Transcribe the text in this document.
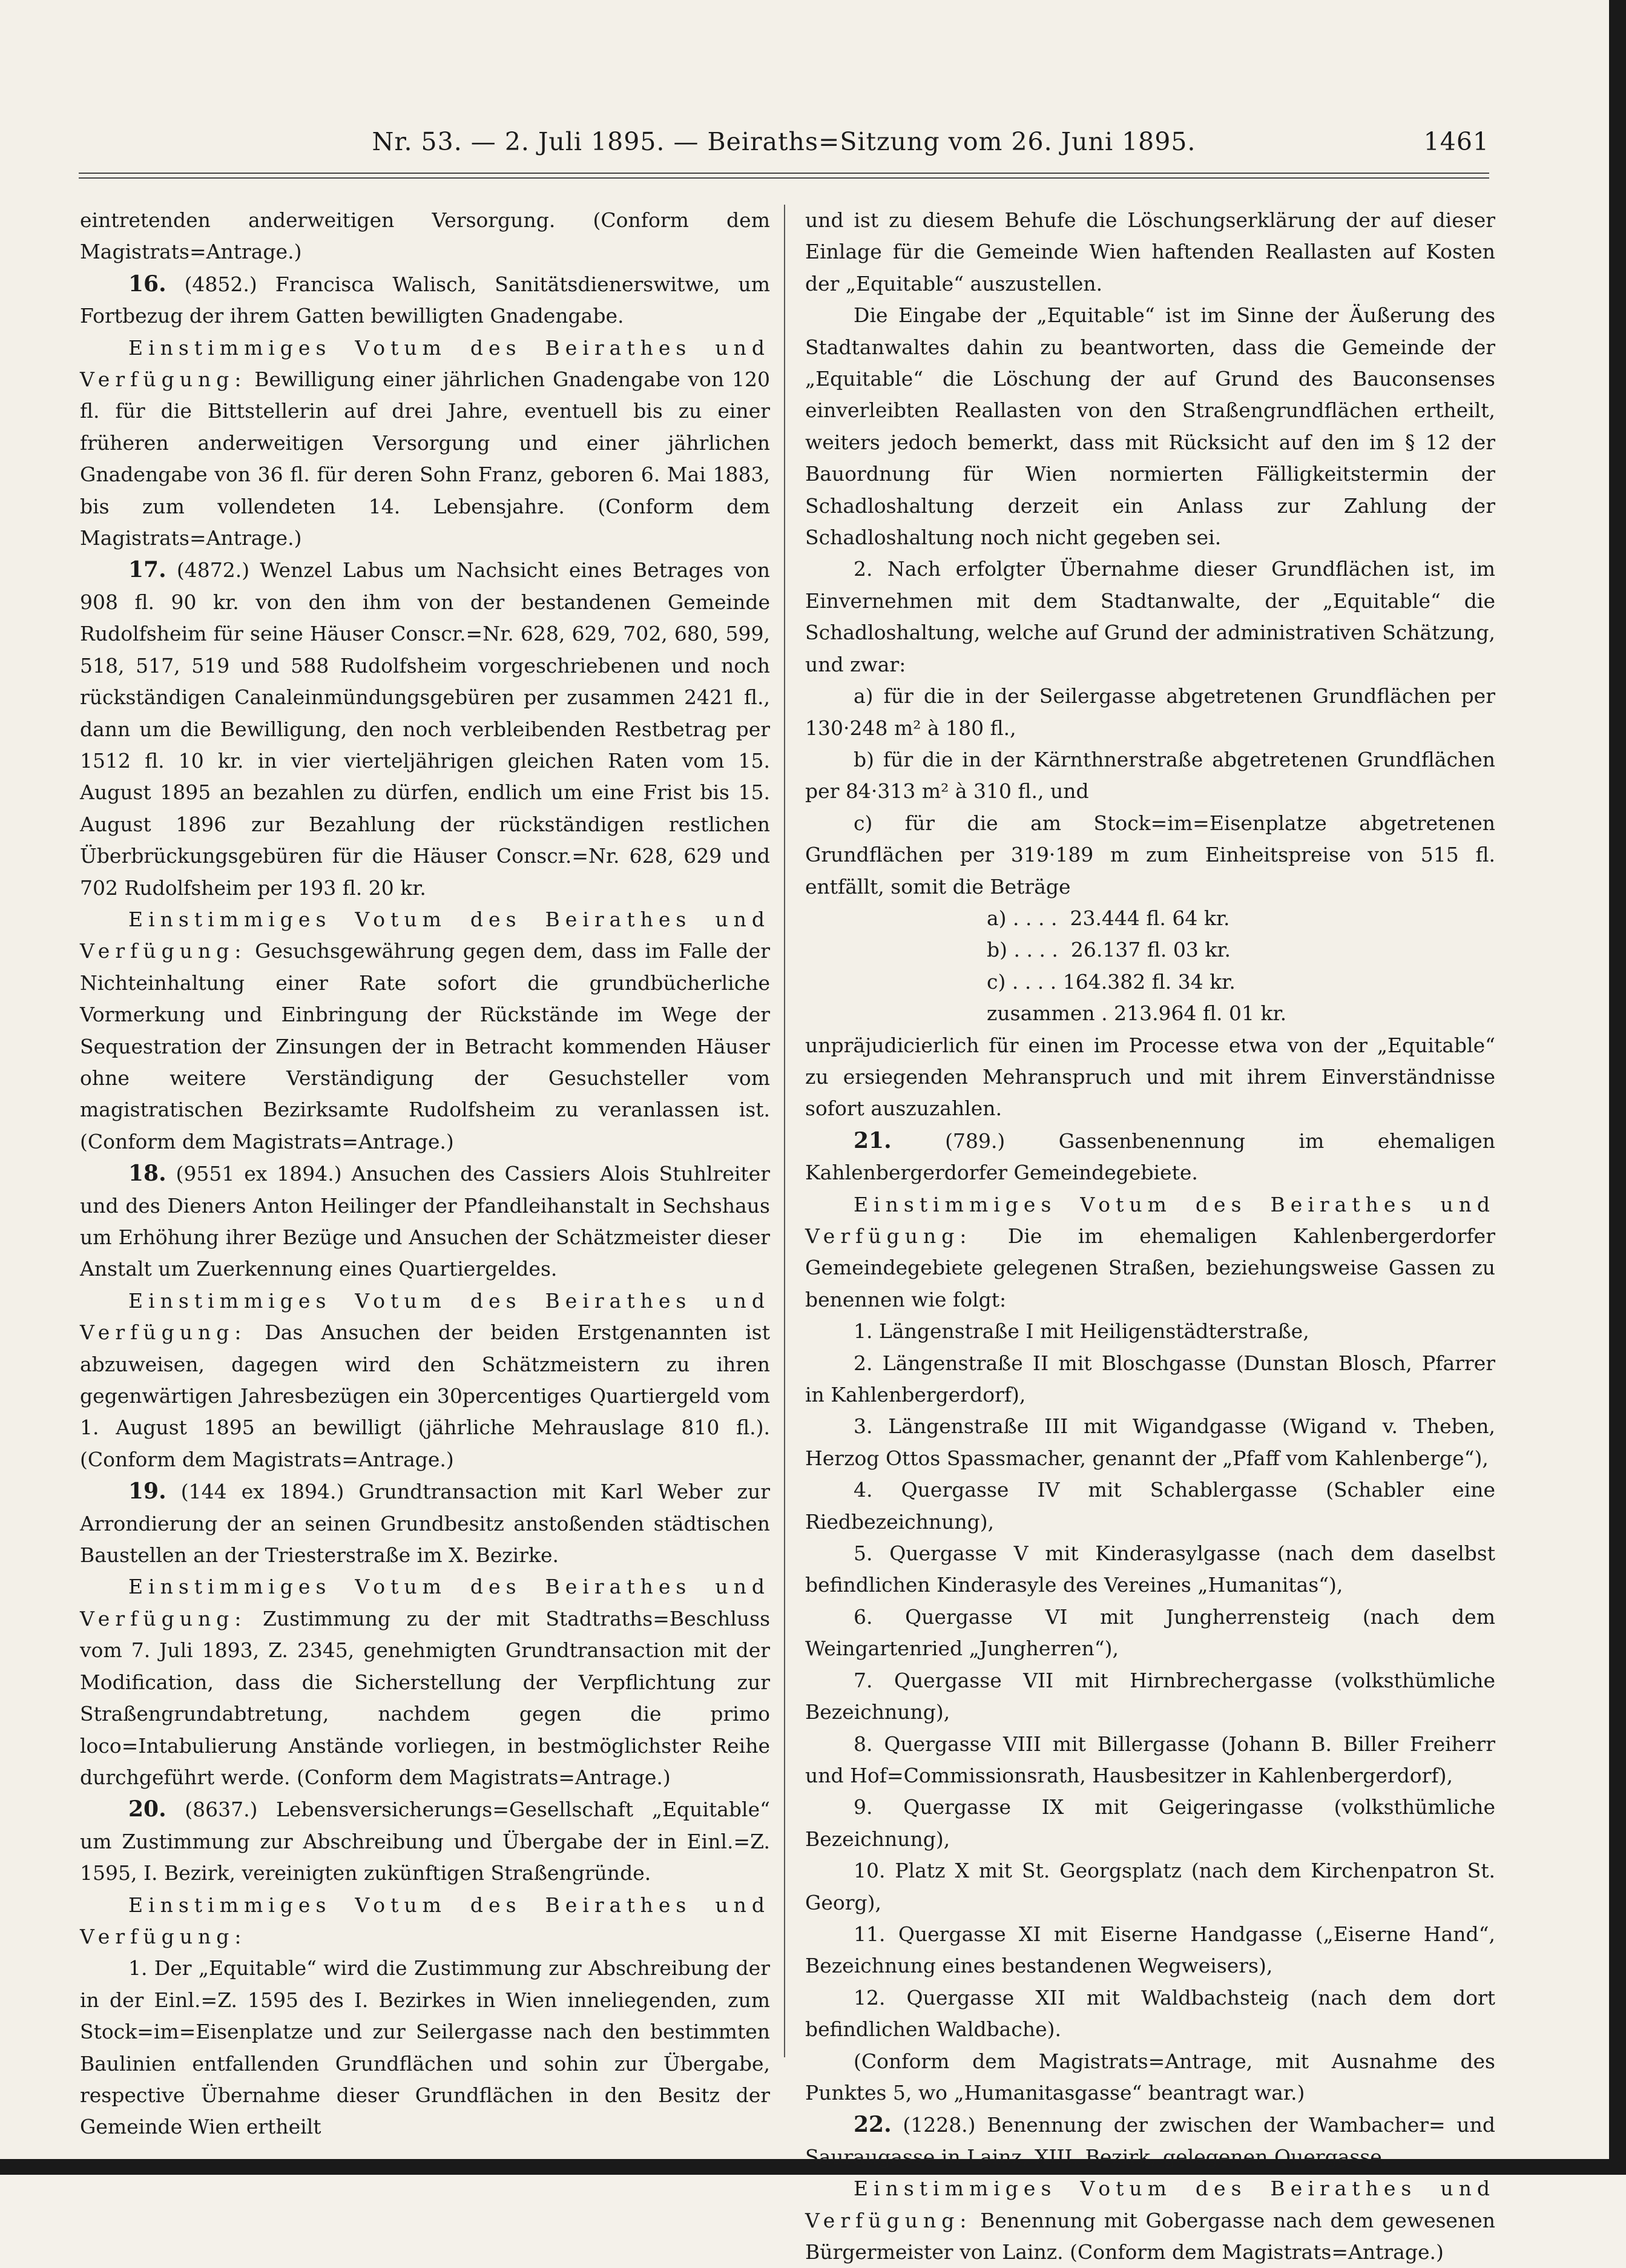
Nr. 53. — 2. Juli 1895. — Beiraths=Sitzung vom 26. Juni 1895.	1461

eintretenden anderweitigen Versorgung. (Conform dem Magistrats=Antrage.)

16. (4852.) Francisca Walisch, Sanitätsdienerswitwe, um Fortbezug der ihrem Gatten bewilligten Gnadengabe.

Einstimmiges Votum des Beirathes und Verfügung: Bewilligung einer jährlichen Gnadengabe von 120 fl. für die Bittstellerin auf drei Jahre, eventuell bis zu einer früheren anderweitigen Versorgung und einer jährlichen Gnadengabe von 36 fl. für deren Sohn Franz, geboren 6. Mai 1883, bis zum vollendeten 14. Lebensjahre. (Conform dem Magistrats=Antrage.)

17. (4872.) Wenzel Labus um Nachsicht eines Betrages von 908 fl. 90 kr. von den ihm von der bestandenen Gemeinde Rudolfsheim für seine Häuser Conscr.=Nr. 628, 629, 702, 680, 599, 518, 517, 519 und 588 Rudolfsheim vorgeschriebenen und noch rückständigen Canaleinmündungsgebüren per zusammen 2421 fl., dann um die Bewilligung, den noch verbleibenden Restbetrag per 1512 fl. 10 kr. in vier vierteljährigen gleichen Raten vom 15. August 1895 an bezahlen zu dürfen, endlich um eine Frist bis 15. August 1896 zur Bezahlung der rückständigen restlichen Überbrückungsgebüren für die Häuser Conscr.=Nr. 628, 629 und 702 Rudolfsheim per 193 fl. 20 kr.

Einstimmiges Votum des Beirathes und Verfügung: Gesuchsgewährung gegen dem, dass im Falle der Nichteinhaltung einer Rate sofort die grundbücherliche Vormerkung und Einbringung der Rückstände im Wege der Sequestration der Zinsungen der in Betracht kommenden Häuser ohne weitere Verständigung der Gesuchsteller vom magistratischen Bezirksamte Rudolfsheim zu veranlassen ist. (Conform dem Magistrats=Antrage.)

18. (9551 ex 1894.) Ansuchen des Cassiers Alois Stuhlreiter und des Dieners Anton Heilinger der Pfandleihanstalt in Sechshaus um Erhöhung ihrer Bezüge und Ansuchen der Schätzmeister dieser Anstalt um Zuerkennung eines Quartiergeldes.

Einstimmiges Votum des Beirathes und Verfügung: Das Ansuchen der beiden Erstgenannten ist abzuweisen, dagegen wird den Schätzmeistern zu ihren gegenwärtigen Jahresbezügen ein 30percentiges Quartiergeld vom 1. August 1895 an bewilligt (jährliche Mehrauslage 810 fl.). (Conform dem Magistrats=Antrage.)

19. (144 ex 1894.) Grundtransaction mit Karl Weber zur Arrondierung der an seinen Grundbesitz anstoßenden städtischen Baustellen an der Triesterstraße im X. Bezirke.

Einstimmiges Votum des Beirathes und Verfügung: Zustimmung zu der mit Stadtraths=Beschluss vom 7. Juli 1893, Z. 2345, genehmigten Grundtransaction mit der Modification, dass die Sicherstellung der Verpflichtung zur Straßengrundabtretung, nachdem gegen die primo loco=Intabulierung Anstände vorliegen, in bestmöglichster Reihe durchgeführt werde. (Conform dem Magistrats=Antrage.)

20. (8637.) Lebensversicherungs=Gesellschaft „Equitable“ um Zustimmung zur Abschreibung und Übergabe der in Einl.=Z. 1595, I. Bezirk, vereinigten zukünftigen Straßengründe.

Einstimmiges Votum des Beirathes und Verfügung:

1. Der „Equitable“ wird die Zustimmung zur Abschreibung der in der Einl.=Z. 1595 des I. Bezirkes in Wien inneliegenden, zum Stock=im=Eisenplatze und zur Seilergasse nach den bestimmten Baulinien entfallenden Grundflächen und sohin zur Übergabe, respective Übernahme dieser Grundflächen in den Besitz der Gemeinde Wien ertheilt

und ist zu diesem Behufe die Löschungserklärung der auf dieser Einlage für die Gemeinde Wien haftenden Reallasten auf Kosten der „Equitable“ auszustellen.

Die Eingabe der „Equitable“ ist im Sinne der Äußerung des Stadtanwaltes dahin zu beantworten, dass die Gemeinde der „Equitable“ die Löschung der auf Grund des Bauconsenses einverleibten Reallasten von den Straßengrundflächen ertheilt, weiters jedoch bemerkt, dass mit Rücksicht auf den im § 12 der Bauordnung für Wien normierten Fälligkeitstermin der Schadloshaltung derzeit ein Anlass zur Zahlung der Schadloshaltung noch nicht gegeben sei.

2. Nach erfolgter Übernahme dieser Grundflächen ist, im Einvernehmen mit dem Stadtanwalte, der „Equitable“ die Schadloshaltung, welche auf Grund der administrativen Schätzung, und zwar:

a) für die in der Seilergasse abgetretenen Grundflächen per 130·248 m² à 180 fl.,

b) für die in der Kärnthnerstraße abgetretenen Grundflächen per 84·313 m² à 310 fl., und

c) für die am Stock=im=Eisenplatze abgetretenen Grundflächen per 319·189 m zum Einheitspreise von 515 fl. entfällt, somit die Beträge

a) . . . .  23.444 fl. 64 kr.

b) . . . .  26.137 fl. 03 kr.

c) . . . . 164.382 fl. 34 kr.

zusammen . 213.964 fl. 01 kr.

unpräjudicierlich für einen im Processe etwa von der „Equitable“ zu ersiegenden Mehranspruch und mit ihrem Einverständnisse sofort auszuzahlen.

21.	(789.) Gassenbenennung im ehemaligen Kahlenbergerdorfer Gemeindegebiete.

Einstimmiges Votum des Beirathes und Verfügung: Die im ehemaligen Kahlenbergerdorfer Gemeindegebiete gelegenen Straßen, beziehungsweise Gassen zu benennen wie folgt:

1. Längenstraße I mit Heiligenstädterstraße,

2. Längenstraße II mit Bloschgasse (Dunstan Blosch, Pfarrer in Kahlenbergerdorf),

3. Längenstraße III mit Wigandgasse (Wigand v. Theben, Herzog Ottos Spassmacher, genannt der „Pfaff vom Kahlenberge“),

4. Quergasse IV mit Schablergasse (Schabler eine Riedbezeichnung),

5. Quergasse V mit Kinderasylgasse (nach dem daselbst befindlichen Kinderasyle des Vereines „Humanitas“),

6. Quergasse VI mit Jungherrensteig (nach dem Weingartenried „Jungherren“),

7. Quergasse VII mit Hirnbrechergasse (volksthümliche Bezeichnung),

8. Quergasse VIII mit Billergasse (Johann B. Biller Freiherr und Hof=Commissionsrath, Hausbesitzer in Kahlenbergerdorf),

9. Quergasse IX mit Geigeringasse (volksthümliche Bezeichnung),

10. Platz X mit St. Georgsplatz (nach dem Kirchenpatron St. Georg),

11. Quergasse XI mit Eiserne Handgasse („Eiserne Hand“, Bezeichnung eines bestandenen Wegweisers),

12. Quergasse XII mit Waldbachsteig (nach dem dort befindlichen Waldbache).

(Conform dem Magistrats=Antrage, mit Ausnahme des Punktes 5, wo „Humanitasgasse“ beantragt war.)

22. (1228.) Benennung der zwischen der Wambacher= und Sauraugasse in Lainz, XIII. Bezirk, gelegenen Quergasse.

Einstimmiges Votum des Beirathes und Verfügung: Benennung mit Gobergasse nach dem gewesenen Bürgermeister von Lainz. (Conform dem Magistrats=Antrage.)
